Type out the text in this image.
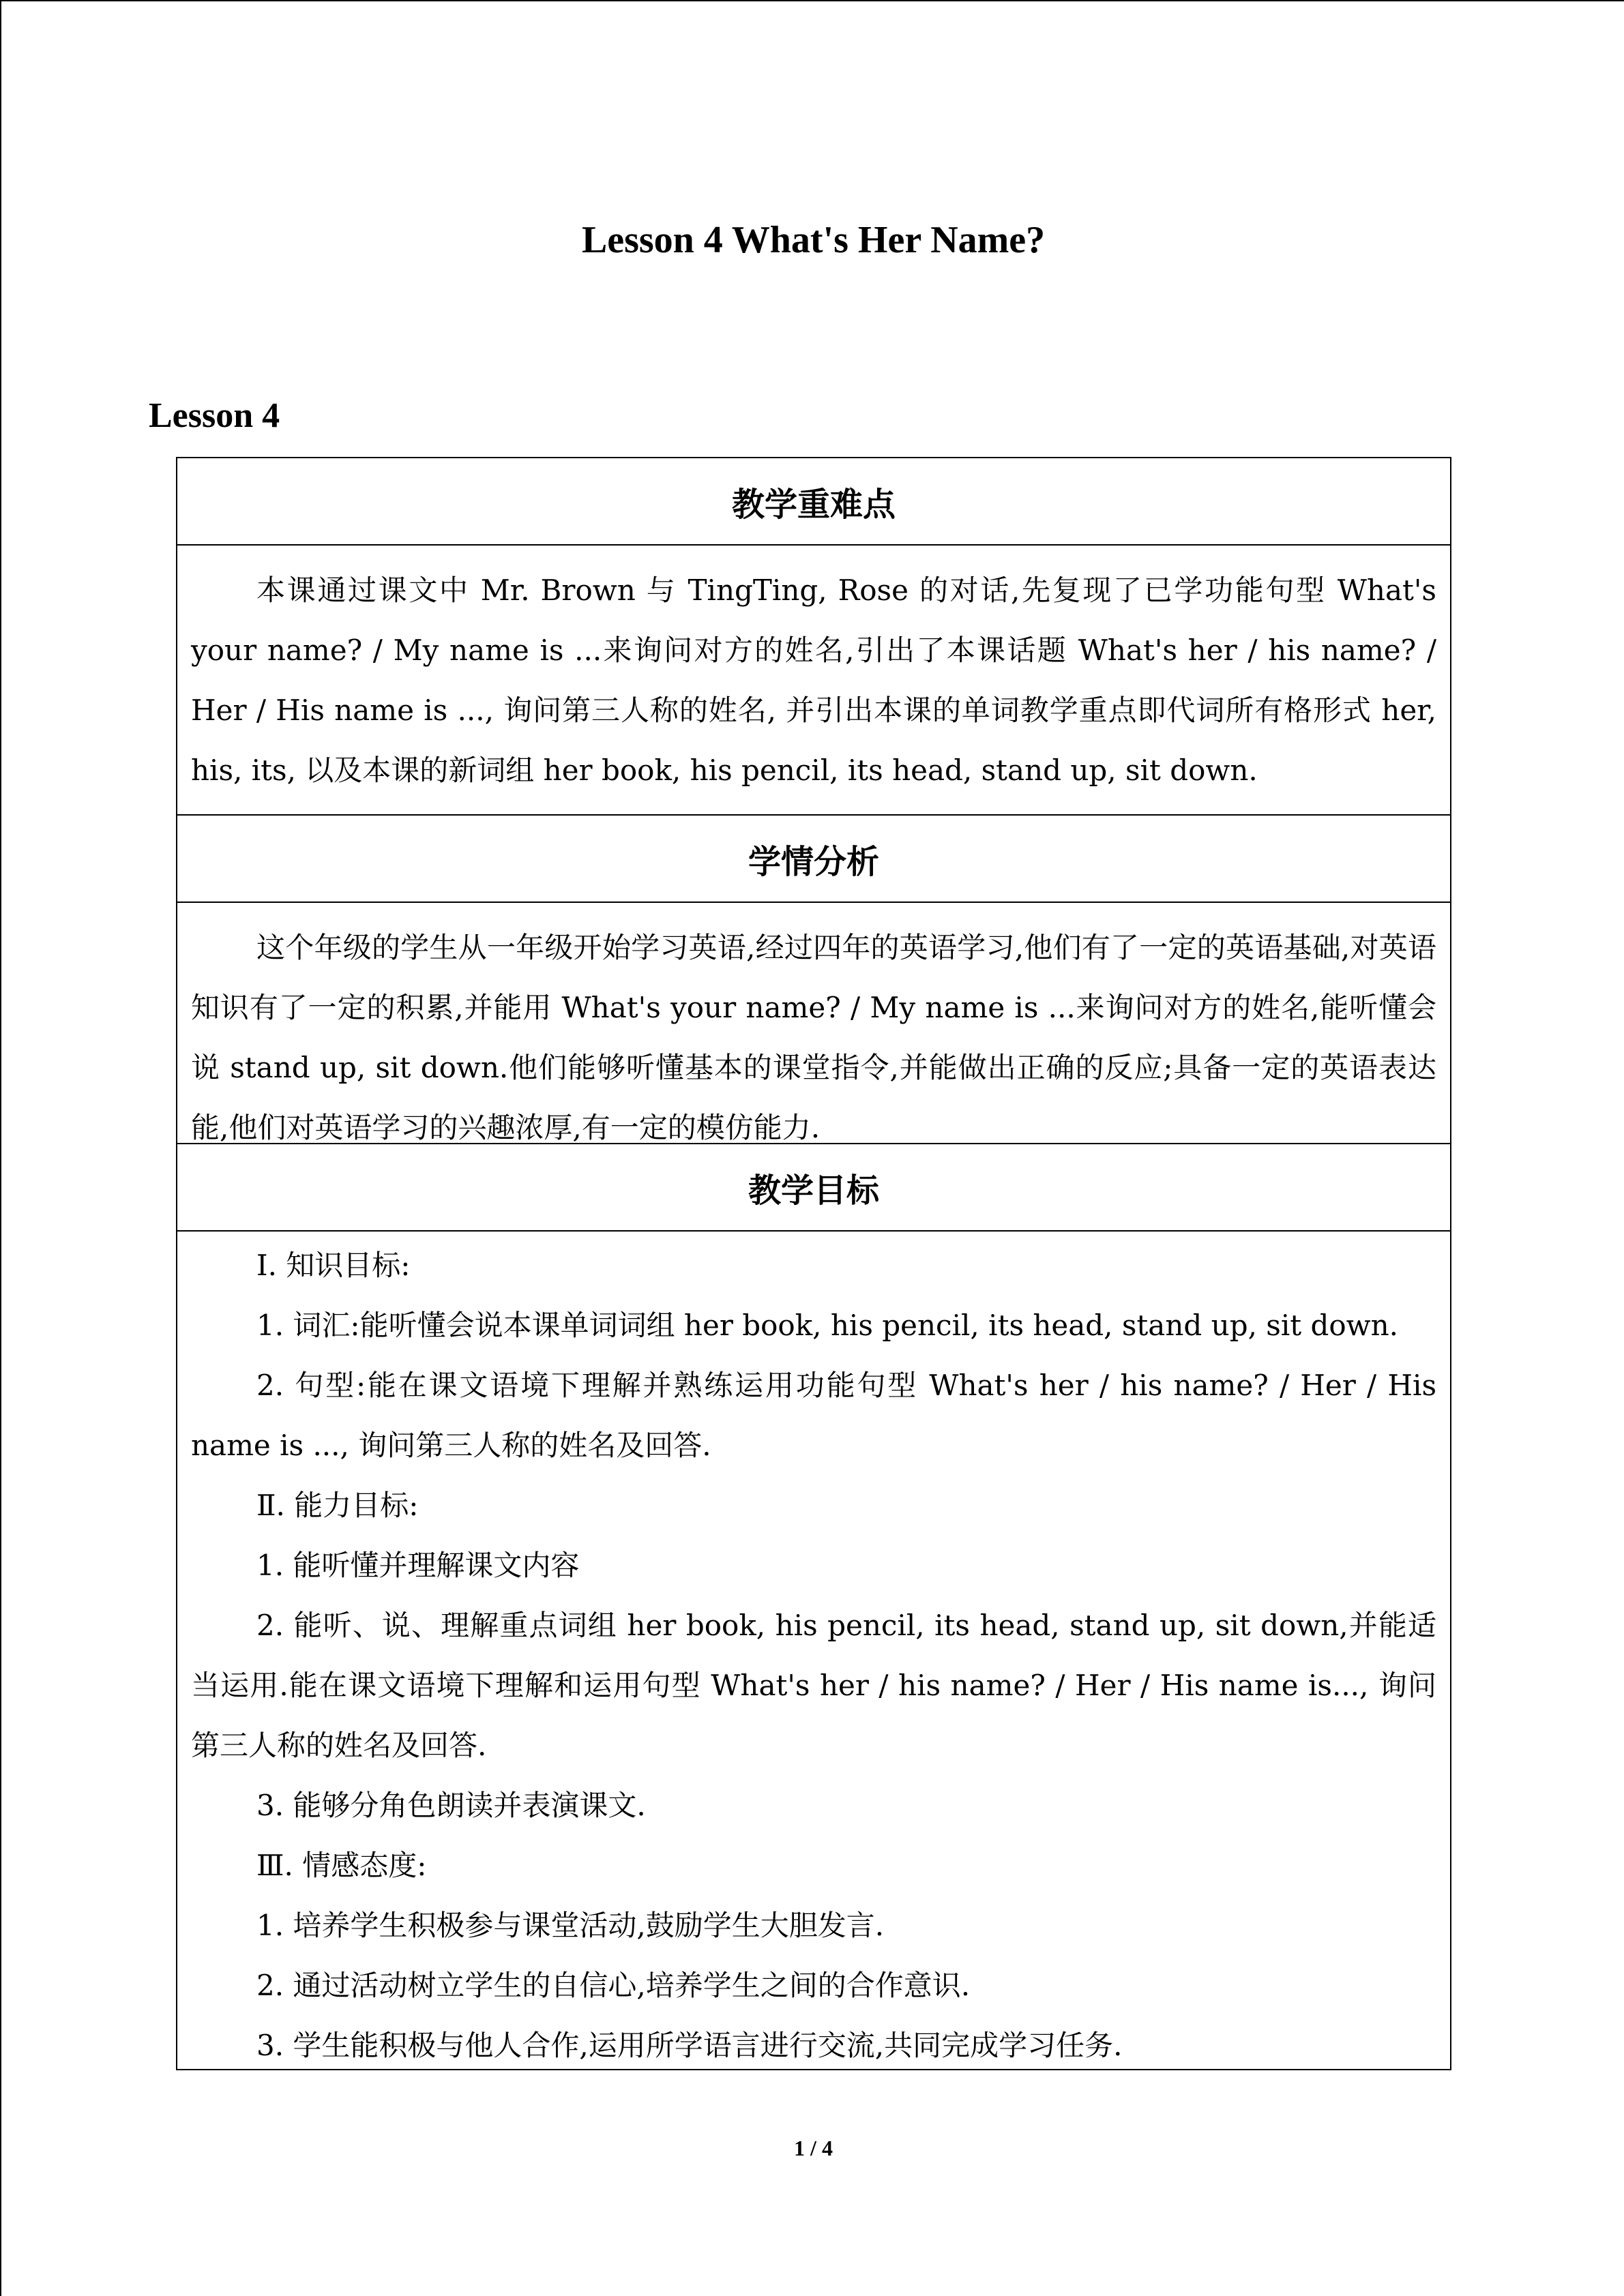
Lesson 4 What's Her Name?
Lesson 4
教学重难点

本课通过课文中 Mr. Brown 与 TingTing, Rose 的对话,先复现了已学功能句型 What's your name? / My name is ...来询问对方的姓名,引出了本课话题 What's her / his name? / Her / His name is ..., 询问第三人称的姓名, 并引出本课的单词教学重点即代词所有格形式 her, his, its, 以及本课的新词组 her book, his pencil, its head, stand up, sit down.

学情分析

这个年级的学生从一年级开始学习英语,经过四年的英语学习,他们有了一定的英语基础,对英语知识有了一定的积累,并能用 What's your name? / My name is ...来询问对方的姓名,能听懂会说 stand up, sit down.他们能够听懂基本的课堂指令,并能做出正确的反应;具备一定的英语表达能,他们对英语学习的兴趣浓厚,有一定的模仿能力.

教学目标

Ⅰ. 知识目标:

1. 词汇:能听懂会说本课单词词组 her book, his pencil, its head, stand up, sit down.

2. 句型:能在课文语境下理解并熟练运用功能句型 What's her / his name? / Her / His name is ..., 询问第三人称的姓名及回答.

Ⅱ. 能力目标:

1. 能听懂并理解课文内容

2. 能听、说、理解重点词组 her book, his pencil, its head, stand up, sit down,并能适当运用.能在课文语境下理解和运用句型 What's her / his name? / Her / His name is..., 询问第三人称的姓名及回答.

3. 能够分角色朗读并表演课文.

Ⅲ. 情感态度:

1. 培养学生积极参与课堂活动,鼓励学生大胆发言.

2. 通过活动树立学生的自信心,培养学生之间的合作意识.

3. 学生能积极与他人合作,运用所学语言进行交流,共同完成学习任务.

1 / 4
